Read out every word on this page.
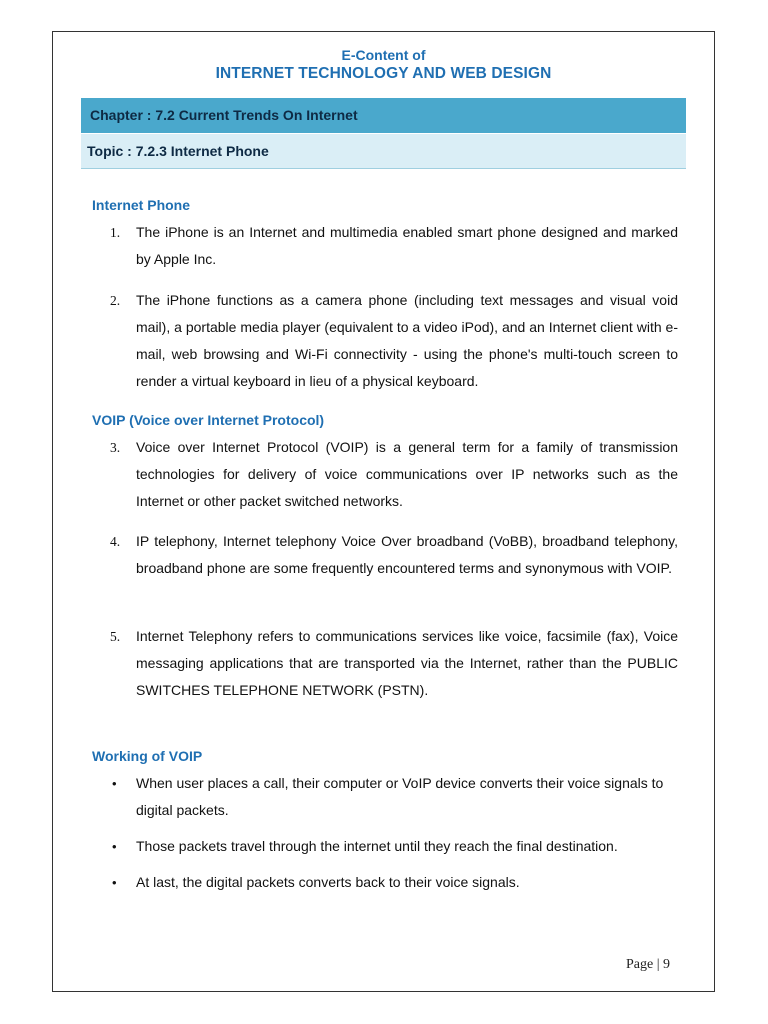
E-Content of
INTERNET TECHNOLOGY AND WEB DESIGN
Chapter : 7.2 Current Trends On Internet
Topic : 7.2.3 Internet Phone
Internet Phone
1.	The iPhone is an Internet and multimedia enabled smart phone designed and marked by Apple Inc.
2.	The iPhone functions as a camera phone (including text messages and visual void mail), a portable media player (equivalent to a video iPod), and an Internet client with e-mail, web browsing and Wi-Fi connectivity - using the phone's multi-touch screen to render a virtual keyboard in lieu of a physical keyboard.
VOIP (Voice over Internet Protocol)
3.	Voice over Internet Protocol (VOIP) is a general term for a family of transmission technologies for delivery of voice communications over IP networks such as the Internet or other packet switched networks.
4.	IP telephony, Internet telephony Voice Over broadband (VoBB), broadband telephony, broadband phone are some frequently encountered terms and synonymous with VOIP.
5.	Internet Telephony refers to communications services like voice, facsimile (fax), Voice messaging applications that are transported via the Internet, rather than the PUBLIC SWITCHES TELEPHONE NETWORK (PSTN).
Working of VOIP
• When user places a call, their computer or VoIP device converts their voice signals to digital packets.
• Those packets travel through the internet until they reach the final destination.
• At last, the digital packets converts back to their voice signals.
Page | 9
